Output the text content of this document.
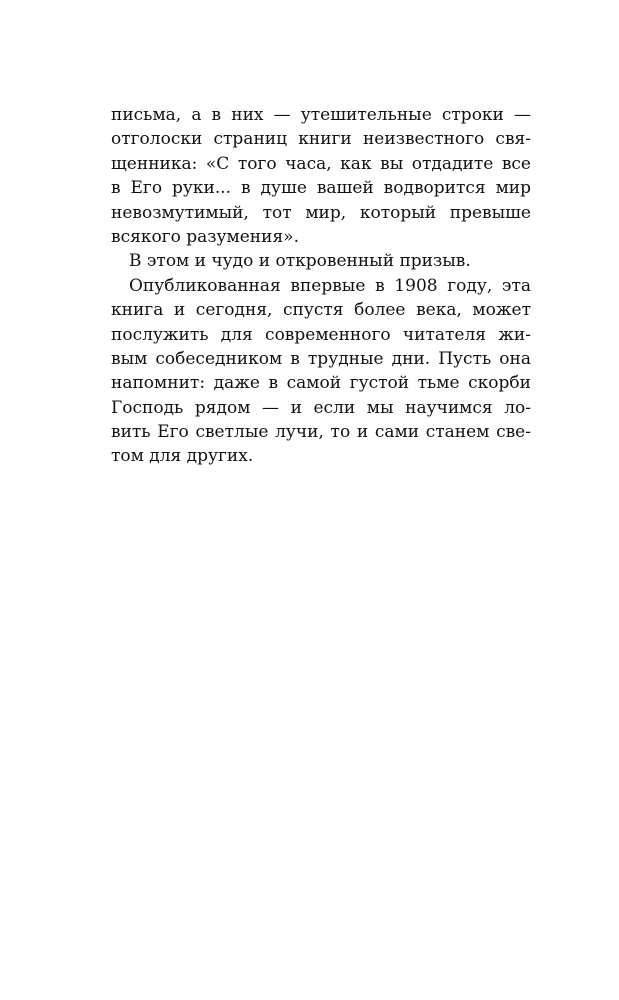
письма, а в них — утешительные строки —
отголоски страниц книги неизвестного свя-
щенника: «С того часа, как вы отдадите все
в Его руки... в душе вашей водворится мир
невозмутимый, тот мир, который превыше
всякого разумения».
В этом и чудо и откровенный призыв.
Опубликованная впервые в 1908 году, эта
книга и сегодня, спустя более века, может
послужить для современного читателя жи-
вым собеседником в трудные дни. Пусть она
напомнит: даже в самой густой тьме скорби
Господь рядом — и если мы научимся ло-
вить Его светлые лучи, то и сами станем све-
том для других.
